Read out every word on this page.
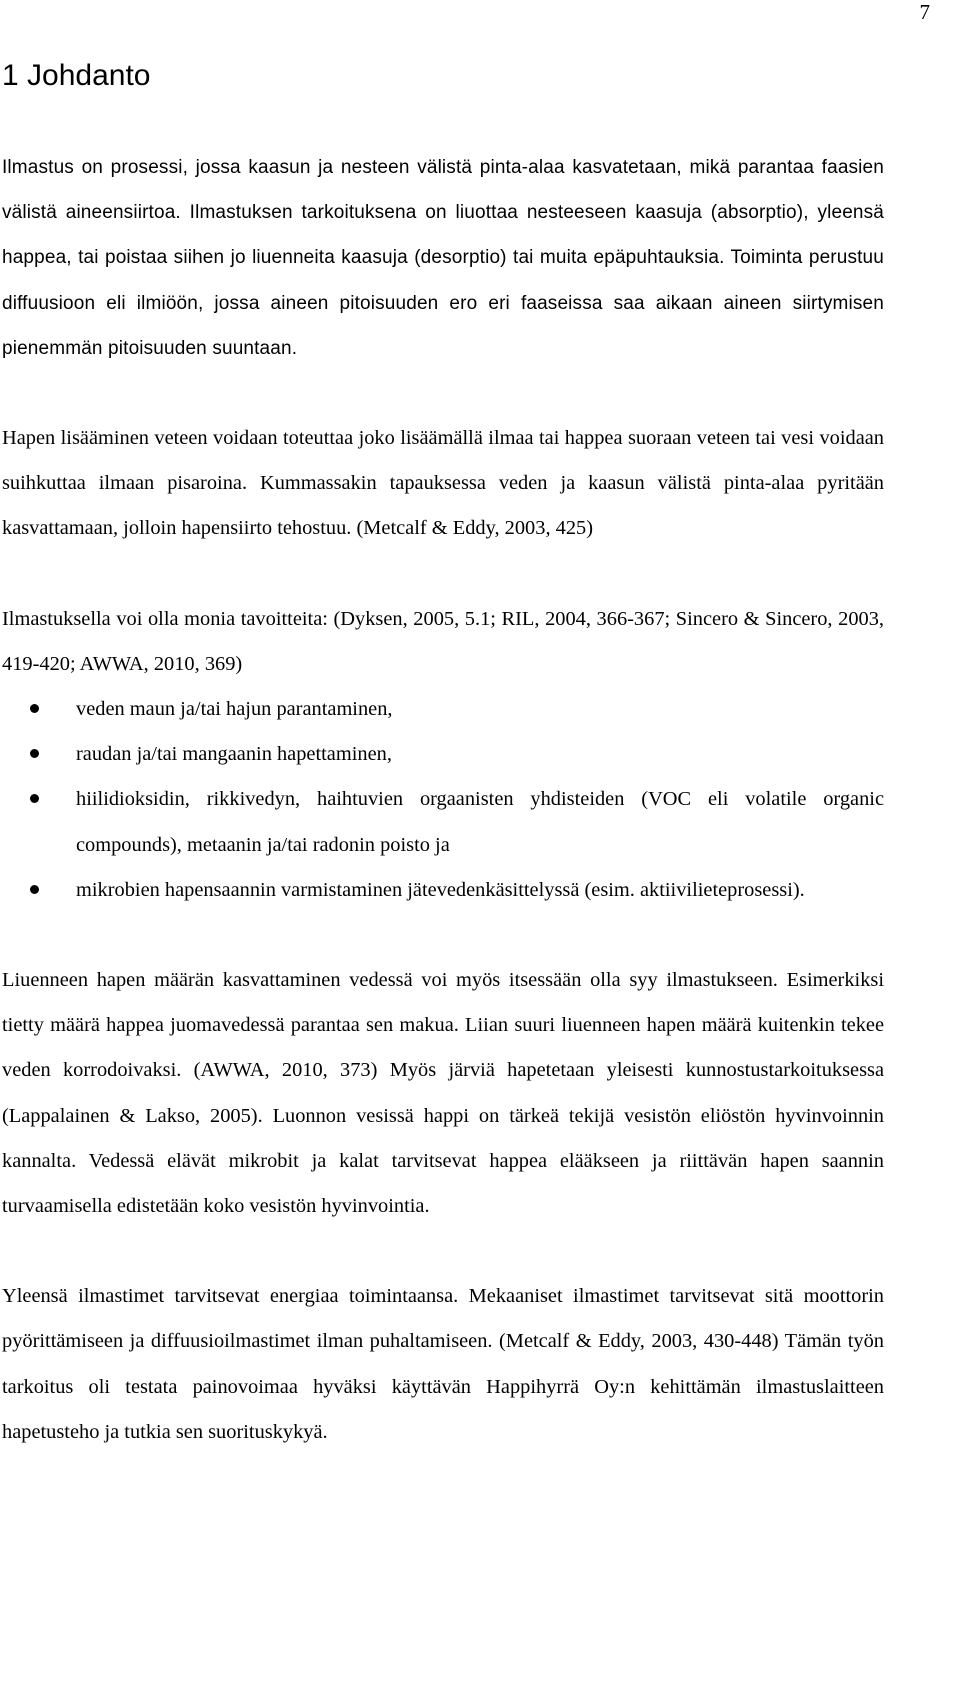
7
1 Johdanto

Ilmastus on prosessi, jossa kaasun ja nesteen välistä pinta-alaa kasvatetaan, mikä parantaa faasien välistä aineensiirtoa. Ilmastuksen tarkoituksena on liuottaa nesteeseen kaasuja (absorptio), yleensä happea, tai poistaa siihen jo liuenneita kaasuja (desorptio) tai muita epäpuhtauksia. Toiminta perustuu diffuusioon eli ilmiöön, jossa aineen pitoisuuden ero eri faaseissa saa aikaan aineen siirtymisen pienemmän pitoisuuden suuntaan.

Hapen lisääminen veteen voidaan toteuttaa joko lisäämällä ilmaa tai happea suoraan veteen tai vesi voidaan suihkuttaa ilmaan pisaroina. Kummassakin tapauksessa veden ja kaasun välistä pinta-alaa pyritään kasvattamaan, jolloin hapensiirto tehostuu. (Metcalf & Eddy, 2003, 425)

Ilmastuksella voi olla monia tavoitteita: (Dyksen, 2005, 5.1; RIL, 2004, 366-367; Sincero & Sincero, 2003, 419-420; AWWA, 2010, 369)

veden maun ja/tai hajun parantaminen,
raudan ja/tai mangaanin hapettaminen,
hiilidioksidin, rikkivedyn, haihtuvien orgaanisten yhdisteiden (VOC eli volatile organic compounds), metaanin ja/tai radonin poisto ja
mikrobien hapensaannin varmistaminen jätevedenkäsittelyssä (esim. aktiivilieteprosessi).

Liuenneen hapen määrän kasvattaminen vedessä voi myös itsessään olla syy ilmastukseen. Esimerkiksi tietty määrä happea juomavedessä parantaa sen makua. Liian suuri liuenneen hapen määrä kuitenkin tekee veden korrodoivaksi. (AWWA, 2010, 373) Myös järviä hapetetaan yleisesti kunnostustarkoituksessa (Lappalainen & Lakso, 2005). Luonnon vesissä happi on tärkeä tekijä vesistön eliöstön hyvinvoinnin kannalta. Vedessä elävät mikrobit ja kalat tarvitsevat happea elääkseen ja riittävän hapen saannin turvaamisella edistetään koko vesistön hyvinvointia.

Yleensä ilmastimet tarvitsevat energiaa toimintaansa. Mekaaniset ilmastimet tarvitsevat sitä moottorin pyörittämiseen ja diffuusioilmastimet ilman puhaltamiseen. (Metcalf & Eddy, 2003, 430-448) Tämän työn tarkoitus oli testata painovoimaa hyväksi käyttävän Happihyrrä Oy:n kehittämän ilmastuslaitteen hapetusteho ja tutkia sen suorituskykyä.
